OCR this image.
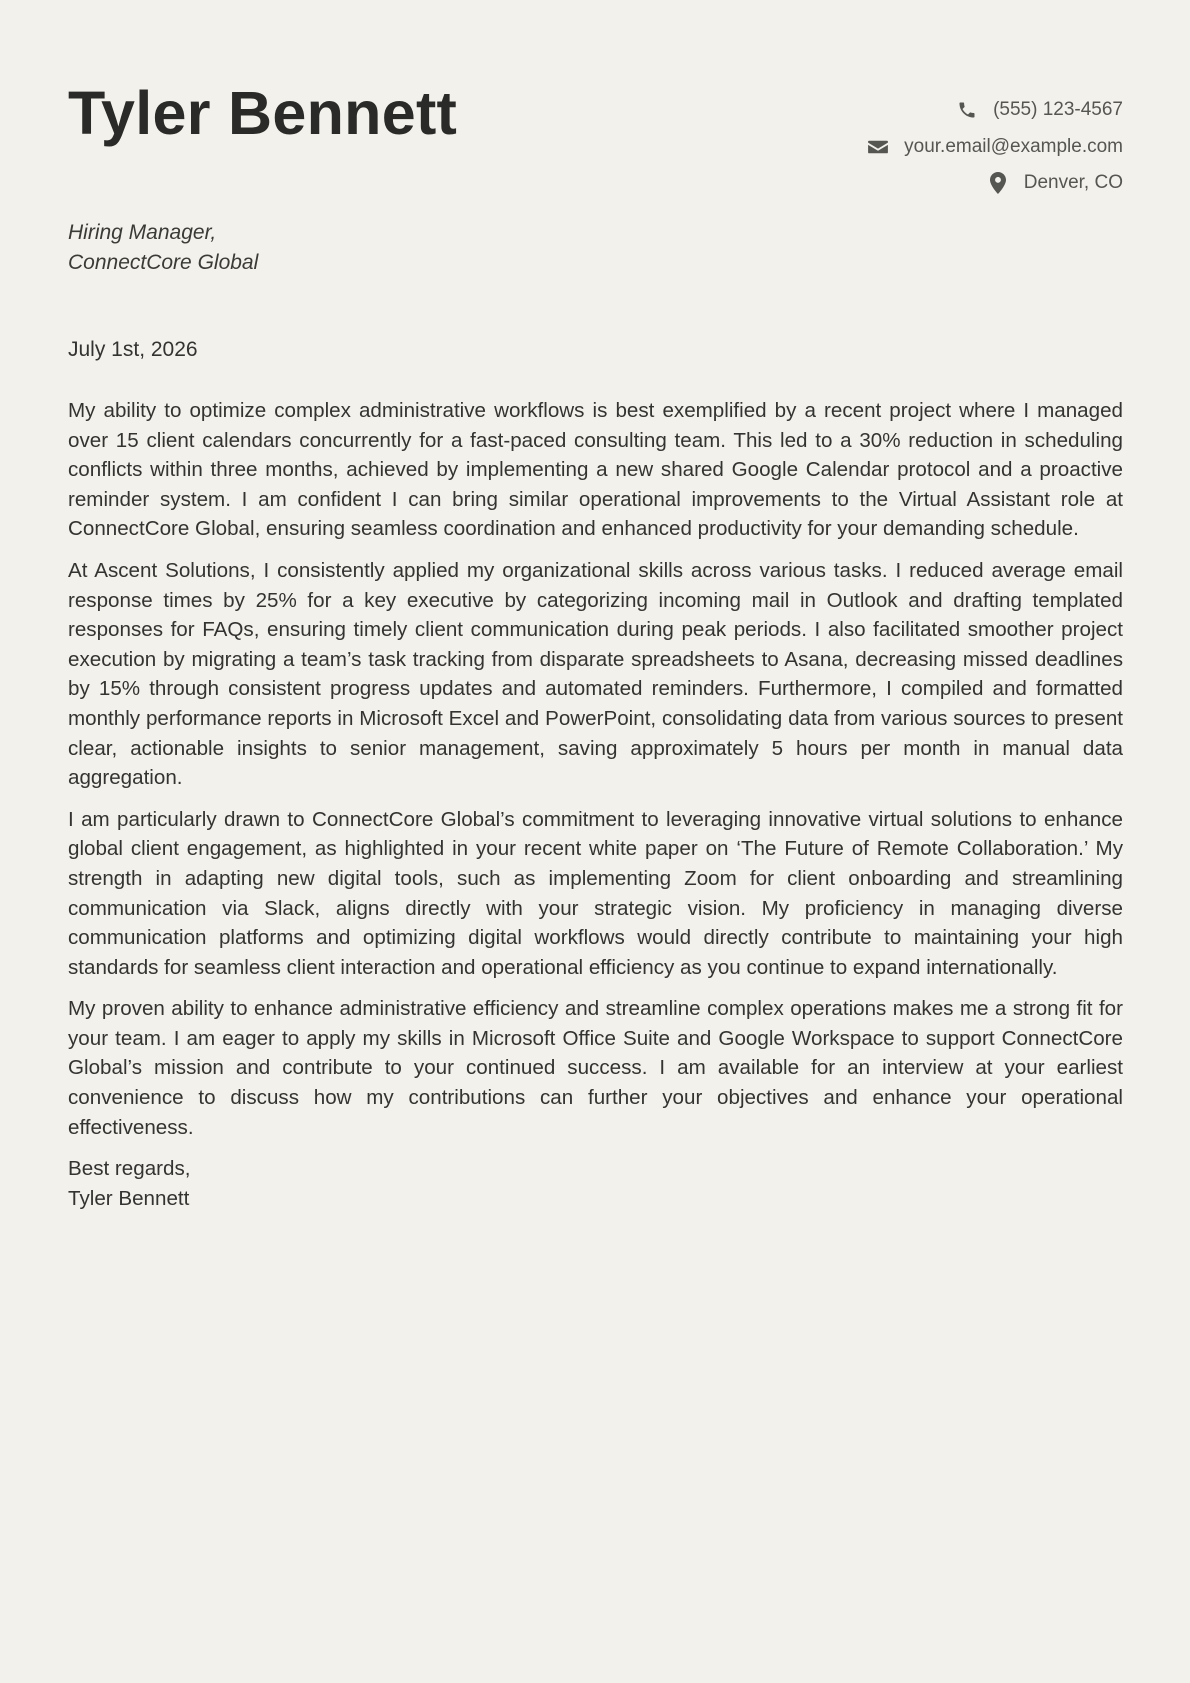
Tyler Bennett	(555) 123-4567
your.email@example.com
Denver, CO
Hiring Manager,
ConnectCore Global
July 1st, 2026

My ability to optimize complex administrative workflows is best exemplified by a recent project where I managed over 15 client calendars concurrently for a fast-paced consulting team. This led to a 30% reduction in scheduling conflicts within three months, achieved by implementing a new shared Google Calendar protocol and a proactive reminder system. I am confident I can bring similar operational improvements to the Virtual Assistant role at ConnectCore Global, ensuring seamless coordination and enhanced productivity for your demanding schedule.

At Ascent Solutions, I consistently applied my organizational skills across various tasks. I reduced average email response times by 25% for a key executive by categorizing incoming mail in Outlook and drafting templated responses for FAQs, ensuring timely client communication during peak periods. I also facilitated smoother project execution by migrating a team’s task tracking from disparate spreadsheets to Asana, decreasing missed deadlines by 15% through consistent progress updates and automated reminders. Furthermore, I compiled and formatted monthly performance reports in Microsoft Excel and PowerPoint, consolidating data from various sources to present clear, actionable insights to senior management, saving approximately 5 hours per month in manual data aggregation.

I am particularly drawn to ConnectCore Global’s commitment to leveraging innovative virtual solutions to enhance global client engagement, as highlighted in your recent white paper on ‘The Future of Remote Collaboration.’ My strength in adapting new digital tools, such as implementing Zoom for client onboarding and streamlining communication via Slack, aligns directly with your strategic vision. My proficiency in managing diverse communication platforms and optimizing digital workflows would directly contribute to maintaining your high standards for seamless client interaction and operational efficiency as you continue to expand internationally.

My proven ability to enhance administrative efficiency and streamline complex operations makes me a strong fit for your team. I am eager to apply my skills in Microsoft Office Suite and Google Workspace to support ConnectCore Global’s mission and contribute to your continued success. I am available for an interview at your earliest convenience to discuss how my contributions can further your objectives and enhance your operational effectiveness.

Best regards,
Tyler Bennett
